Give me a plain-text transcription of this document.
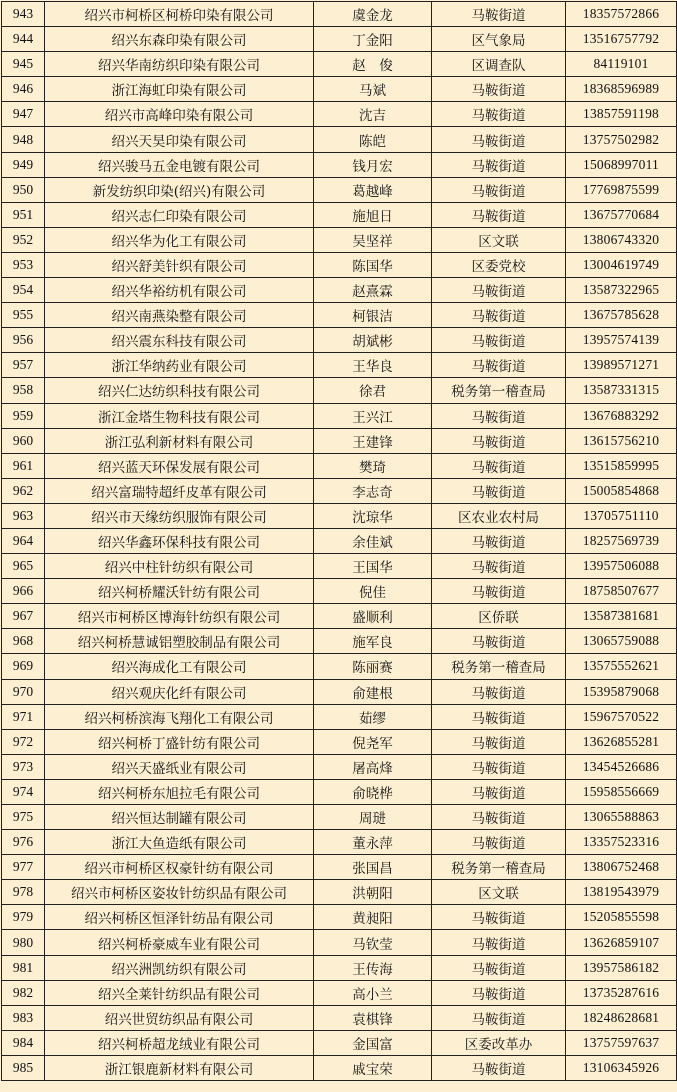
943	绍兴市柯桥区柯桥印染有限公司	虞金龙	马鞍街道	18357572866
944	绍兴东森印染有限公司	丁金阳	区气象局	13516757792
945	绍兴华南纺织印染有限公司	赵　俊	区调查队	84119101
946	浙江海虹印染有限公司	马斌	马鞍街道	18368596989
947	绍兴市高峰印染有限公司	沈吉	马鞍街道	13857591198
948	绍兴天昊印染有限公司	陈皑	马鞍街道	13757502982
949	绍兴骏马五金电镀有限公司	钱月宏	马鞍街道	15068997011
950	新发纺织印染(绍兴)有限公司	葛越峰	马鞍街道	17769875599
951	绍兴志仁印染有限公司	施旭日	马鞍街道	13675770684
952	绍兴华为化工有限公司	吴坚祥	区文联	13806743320
953	绍兴舒美针织有限公司	陈国华	区委党校	13004619749
954	绍兴华裕纺机有限公司	赵熹霖	马鞍街道	13587322965
955	绍兴南燕染整有限公司	柯银洁	马鞍街道	13675785628
956	绍兴震东科技有限公司	胡斌彬	马鞍街道	13957574139
957	浙江华纳药业有限公司	王华良	马鞍街道	13989571271
958	绍兴仁达纺织科技有限公司	徐君	税务第一稽查局	13587331315
959	浙江金塔生物科技有限公司	王兴江	马鞍街道	13676883292
960	浙江弘利新材料有限公司	王建锋	马鞍街道	13615756210
961	绍兴蓝天环保发展有限公司	樊琦	马鞍街道	13515859995
962	绍兴富瑞特超纤皮革有限公司	李志奇	马鞍街道	15005854868
963	绍兴市天缘纺织服饰有限公司	沈琼华	区农业农村局	13705751110
964	绍兴华鑫环保科技有限公司	余佳斌	马鞍街道	18257569739
965	绍兴中柱针纺织有限公司	王国华	马鞍街道	13957506088
966	绍兴柯桥耀沃针纺有限公司	倪佳	马鞍街道	18758507677
967	绍兴市柯桥区博海针纺织有限公司	盛顺利	区侨联	13587381681
968	绍兴柯桥慧诚铝塑胶制品有限公司	施军良	马鞍街道	13065759088
969	绍兴海成化工有限公司	陈丽赛	税务第一稽查局	13575552621
970	绍兴观庆化纤有限公司	俞建根	马鞍街道	15395879068
971	绍兴柯桥滨海飞翔化工有限公司	茹缪	马鞍街道	15967570522
972	绍兴柯桥丁盛针纺有限公司	倪尧军	马鞍街道	13626855281
973	绍兴天盛纸业有限公司	屠高烽	马鞍街道	13454526686
974	绍兴柯桥东旭拉毛有限公司	俞晓桦	马鞍街道	15958556669
975	绍兴恒达制罐有限公司	周琎	马鞍街道	13065588863
976	浙江大鱼造纸有限公司	董永萍	马鞍街道	13357523316
977	绍兴市柯桥区权豪针纺有限公司	张国昌	税务第一稽查局	13806752468
978	绍兴市柯桥区姿妆针纺织品有限公司	洪朝阳	区文联	13819543979
979	绍兴柯桥区恒泽针纺品有限公司	黄昶阳	马鞍街道	15205855598
980	绍兴柯桥豪威车业有限公司	马钦莹	马鞍街道	13626859107
981	绍兴洲凯纺织有限公司	王传海	马鞍街道	13957586182
982	绍兴全莱针纺织品有限公司	高小兰	马鞍街道	13735287616
983	绍兴世贸纺织品有限公司	袁棋锋	马鞍街道	18248628681
984	绍兴柯桥超龙绒业有限公司	金国富	区委改革办	13757597637
985	浙江银鹿新材料有限公司	戚宝荣	马鞍街道	13106345926
